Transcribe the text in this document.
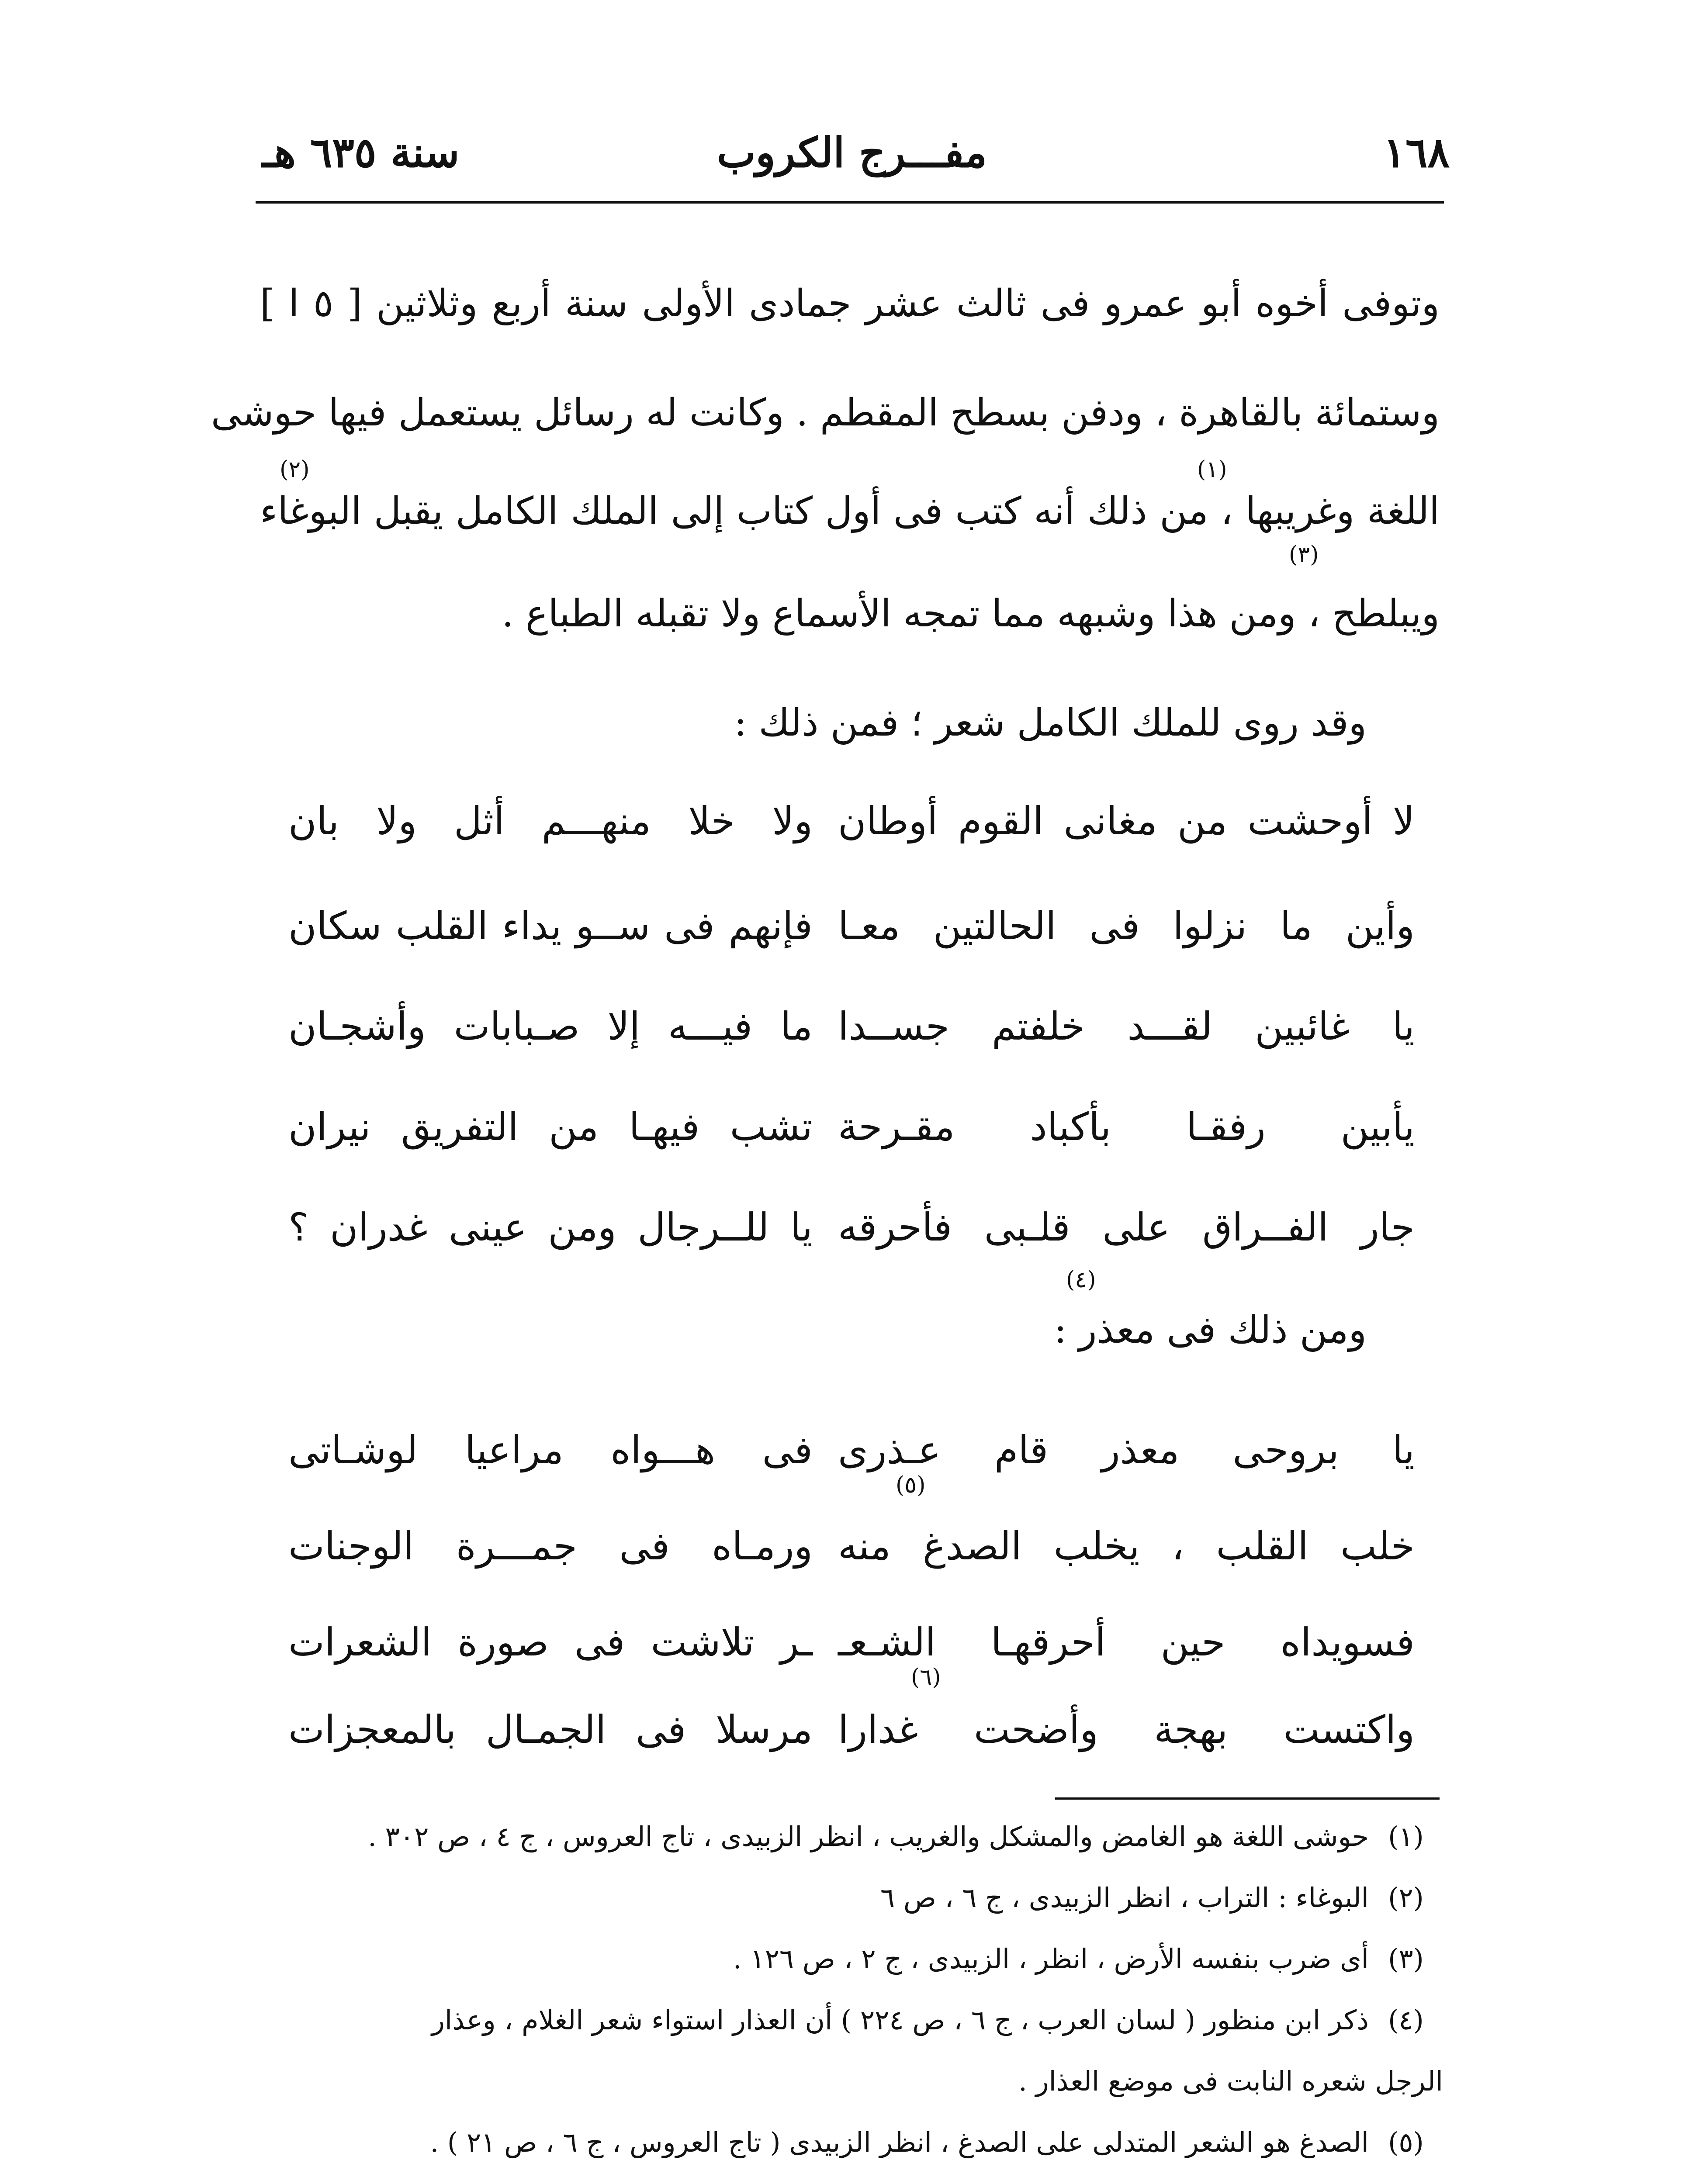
١٦٨
مفـــرج الكروب
سنة ٦٣٥ هـ
وتوفى أخوه أبو عمرو فى ثالث عشر جمادى الأولى سنة أربع وثلاثين [ ٥ ا ]
وستمائة بالقاهرة ، ودفن بسطح المقطم . وكانت له رسائل يستعمل فيها حوشى
(١)
(٢)
اللغة وغريبها ، من ذلك أنه كتب فى أول كتاب إلى الملك الكامل يقبل البوغاء
(٣)
ويبلطح ، ومن هذا وشبهه مما تمجه الأسماع ولا تقبله الطباع .
وقد روى للملك الكامل شعر ؛ فمن ذلك :
لا أوحشت من مغانى القوم أوطان
ولا خلا منهـــم أثل ولا بان
وأين ما نزلوا فى الحالتين معـا
فإنهم فى ســو يداء القلب سكان
يا غائبين لقـــد خلفتم جســدا
ما فيـــه إلا صـبابات وأشجـان
يأبين رفقـا بأكباد مقـرحة
تشب فيهـا من التفريق نيران
جار الفــراق على قلـبى فأحرقه
يا للــرجال ومن عينى غدران ؟
(٤)
ومن ذلك فى معذر :
يا بروحى معذر قام عـذرى
فى هـــواه مراعيا لوشـاتى
(٥)
خلب القلب ، يخلب الصدغ منه
ورمـاه فى جمـــرة الوجنات
فسويداه حين أحرقهـا الشـعـ
ـر تلاشت فى صورة الشعرات
(٦)
واكتست بهجة وأضحت غدارا
مرسلا فى الجمـال بالمعجزات
(١)حوشى اللغة هو الغامض والمشكل والغريب ، انظر الزبيدى ، تاج العروس ، ج ٤ ، ص ٣٠٢ .
(٢)البوغاء : التراب ، انظر الزبيدى ، ج ٦ ، ص ٦
(٣)أى ضرب بنفسه الأرض ، انظر ، الزبيدى ، ج ٢ ، ص ١٢٦ .
(٤)ذكر ابن منظور ( لسان العرب ، ج ٦ ، ص ٢٢٤ ) أن العذار استواء شعر الغلام ، وعذار
الرجل شعره النابت فى موضع العذار .
(٥)الصدغ هو الشعر المتدلى على الصدغ ، انظر الزبيدى ( تاج العروس ، ج ٦ ، ص ٢١ ) .
